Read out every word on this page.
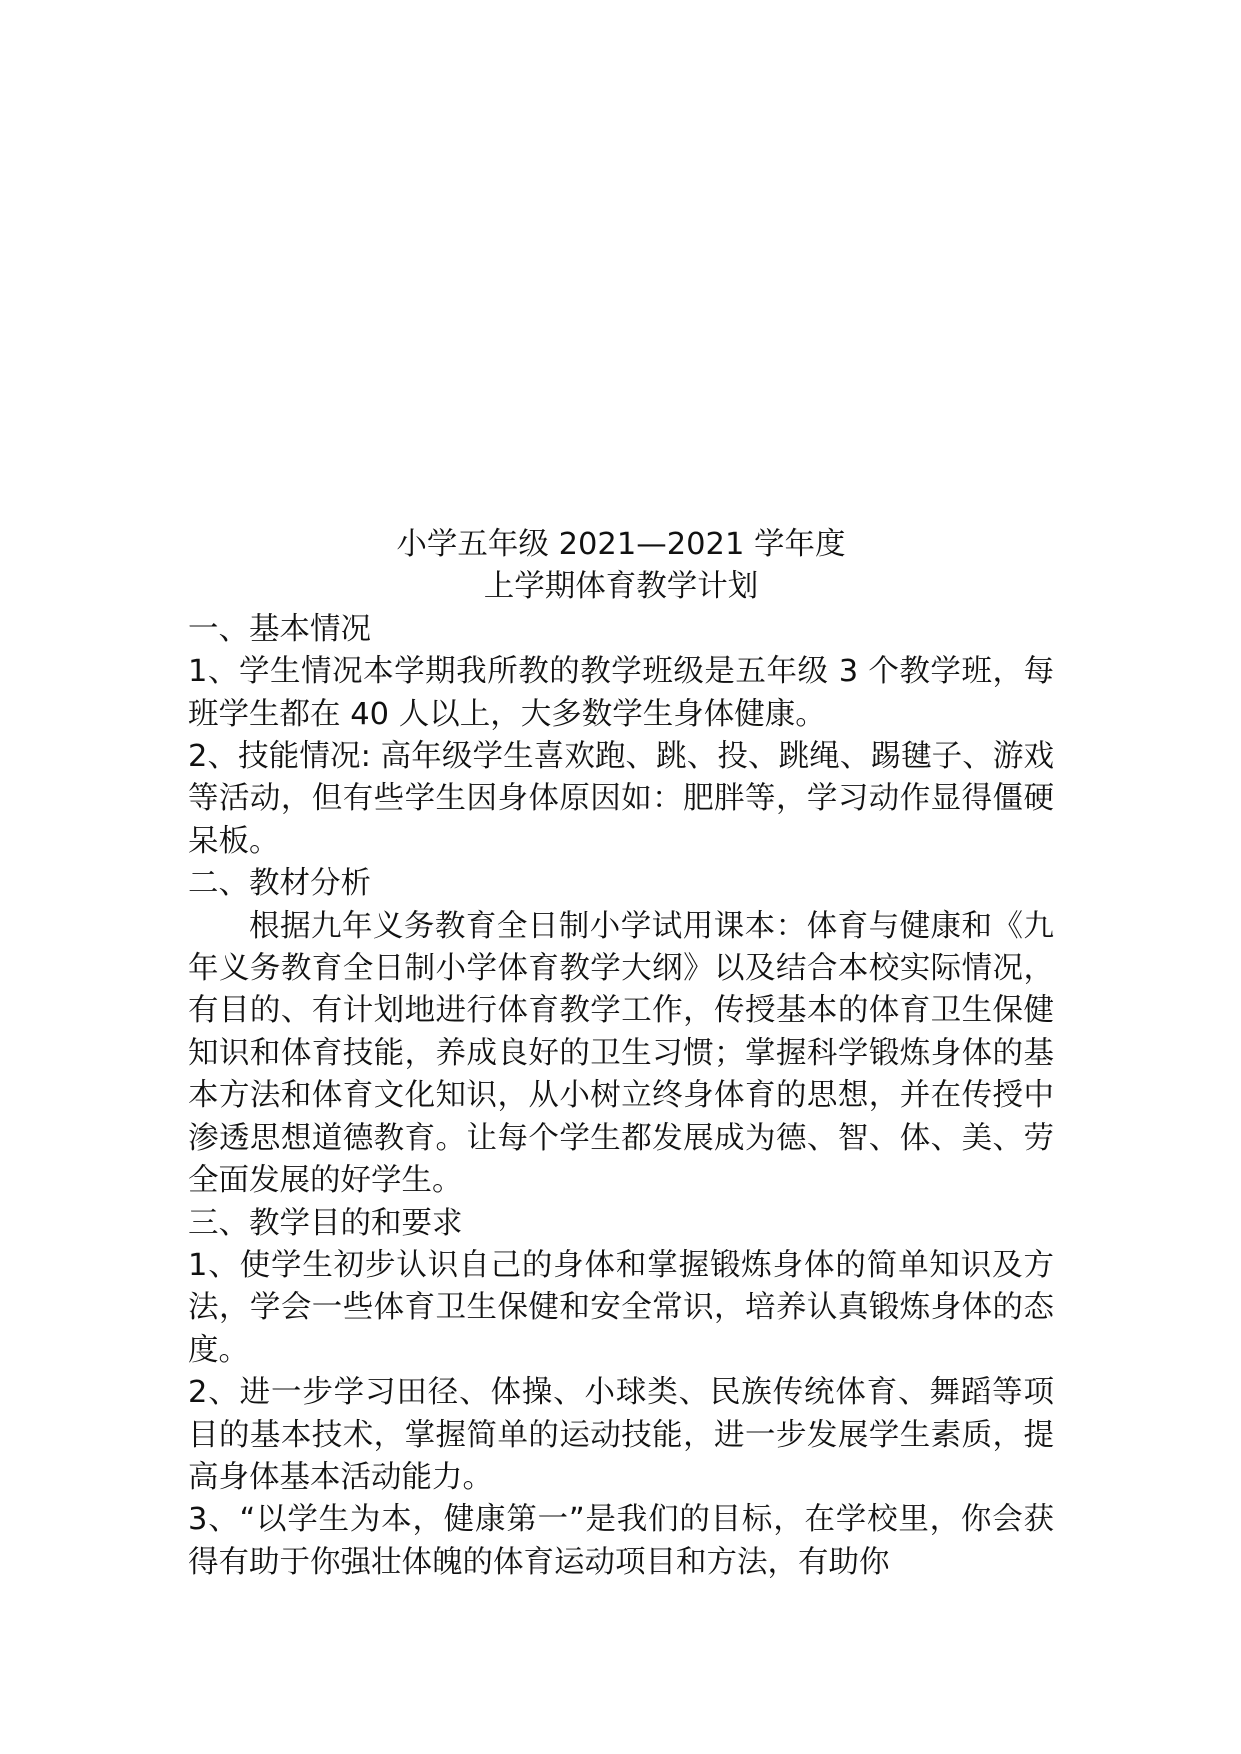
小学五年级 2021—2021 学年度

上学期体育教学计划

一、基本情况

1、学生情况本学期我所教的教学班级是五年级 3 个教学班，每班学生都在 40 人以上，大多数学生身体健康。

2、技能情况: 高年级学生喜欢跑、跳、投、跳绳、踢毽子、游戏等活动，但有些学生因身体原因如：肥胖等，学习动作显得僵硬呆板。

二、教材分析

根据九年义务教育全日制小学试用课本：体育与健康和《九年义务教育全日制小学体育教学大纲》以及结合本校实际情况，有目的、有计划地进行体育教学工作，传授基本的体育卫生保健知识和体育技能，养成良好的卫生习惯；掌握科学锻炼身体的基本方法和体育文化知识，从小树立终身体育的思想，并在传授中渗透思想道德教育。让每个学生都发展成为德、智、体、美、劳全面发展的好学生。

三、教学目的和要求

1、使学生初步认识自己的身体和掌握锻炼身体的简单知识及方法，学会一些体育卫生保健和安全常识，培养认真锻炼身体的态度。

2、进一步学习田径、体操、小球类、民族传统体育、舞蹈等项目的基本技术，掌握简单的运动技能，进一步发展学生素质，提高身体基本活动能力。

3、“以学生为本，健康第一”是我们的目标，在学校里，你会获得有助于你强壮体魄的体育运动项目和方法，有助你
